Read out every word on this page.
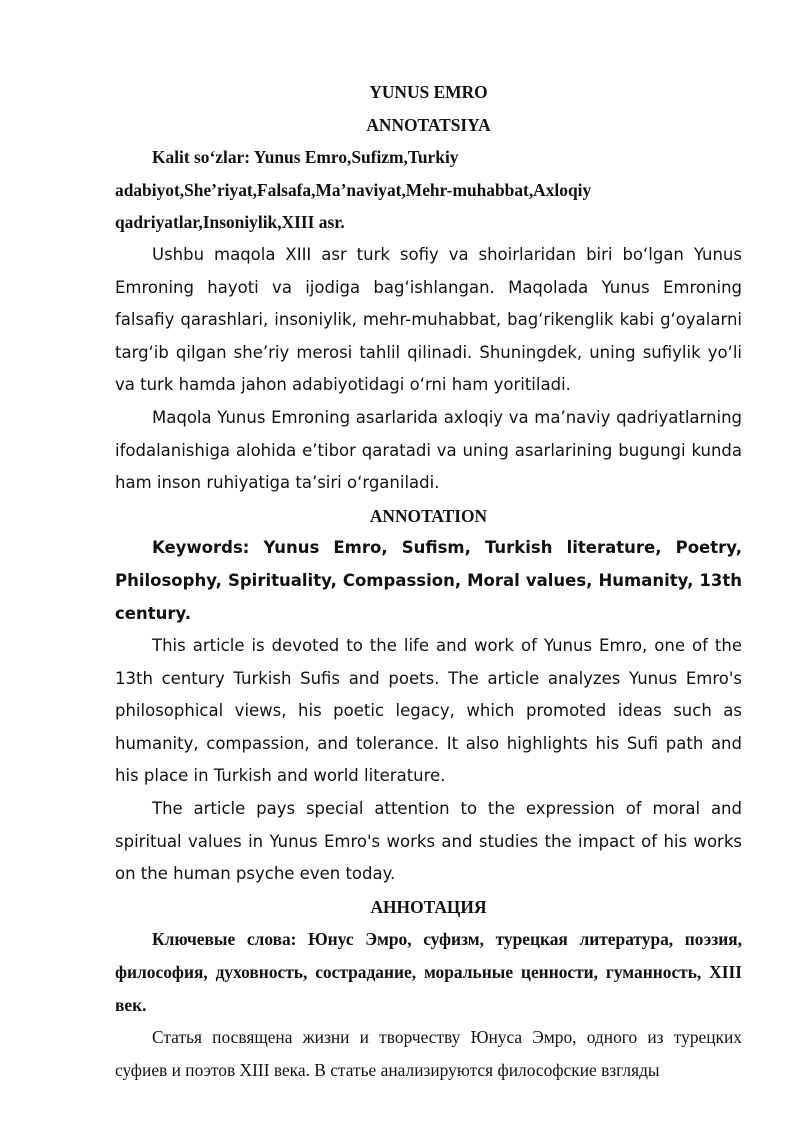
YUNUS EMRO

ANNOTATSIYA

Kalit so‘zlar: Yunus Emro,Sufizm,Turkiy adabiyot,She’riyat,Falsafa,Ma’naviyat,Mehr-muhabbat,Axloqiy qadriyatlar,Insoniylik,XIII asr.

Ushbu maqola XIII asr turk sofiy va shoirlaridan biri bo‘lgan Yunus Emroning hayoti va ijodiga bag‘ishlangan. Maqolada Yunus Emroning falsafiy qarashlari, insoniylik, mehr-muhabbat, bag‘rikenglik kabi g‘oyalarni targ‘ib qilgan she’riy merosi tahlil qilinadi. Shuningdek, uning sufiylik yo‘li va turk hamda jahon adabiyotidagi o‘rni ham yoritiladi.

Maqola Yunus Emroning asarlarida axloqiy va ma’naviy qadriyatlarning ifodalanishiga alohida e’tibor qaratadi va uning asarlarining bugungi kunda ham inson ruhiyatiga ta’siri o‘rganiladi.

ANNOTATION

Keywords: Yunus Emro, Sufism, Turkish literature, Poetry, Philosophy, Spirituality, Compassion, Moral values, Humanity, 13th century.

This article is devoted to the life and work of Yunus Emro, one of the 13th century Turkish Sufis and poets. The article analyzes Yunus Emro's philosophical views, his poetic legacy, which promoted ideas such as humanity, compassion, and tolerance. It also highlights his Sufi path and his place in Turkish and world literature.

The article pays special attention to the expression of moral and spiritual values in Yunus Emro's works and studies the impact of his works on the human psyche even today.

АННОТАЦИЯ

Ключевые слова: Юнус Эмро, суфизм, турецкая литература, поэзия, философия, духовность, сострадание, моральные ценности, гуманность, XIII век.

Статья посвящена жизни и творчеству Юнуса Эмро, одного из турецких суфиев и поэтов XIII века. В статье анализируются философские взгляды
